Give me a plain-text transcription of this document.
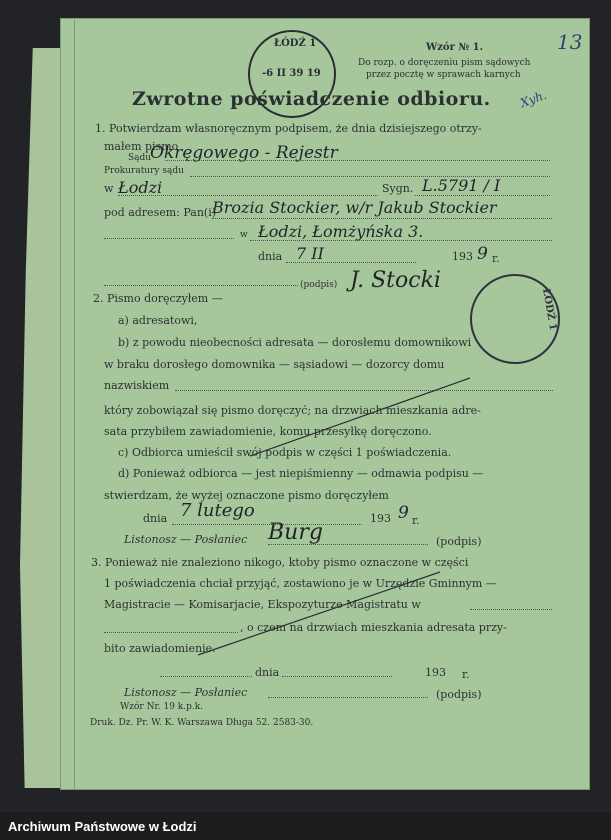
Wzór № 1.	13
Do rozp. o doręczeniu pism sądowych
przez pocztę w sprawach karnych
ŁÓDŹ 1
-6 II 39 19
Zwrotne poświadczenie odbioru. Xyh.
1. Potwierdzam własnoręcznym podpisem, że dnia dzisiejszego otrzy-
małem pismo
Sądu
Okręgowego - Rejestr
Prokuratury sądu
w Łodzi	Sygn. L.5791 / I
pod adresem: Pan(i)
Brozia Stockier, w/r Jakub Stockier
w Łodzi, Łomżyńska 3.
dnia 7 II	193 9 r.
(podpis) J. Stocki
ŁÓDŹ 1
2. Pismo doręczyłem —
a) adresatowi,
b) z powodu nieobecności adresata — dorosłemu domownikowi
w braku dorosłego domownika — sąsiadowi — dozorcy domu
nazwiskiem
który zobowiązał się pismo doręczyć; na drzwiach mieszkania adre-
sata przybiłem zawiadomienie, komu przesyłkę doręczono.
c) Odbiorca umieścił swój podpis w części 1 poświadczenia.
d) Ponieważ odbiorca — jest niepiśmienny — odmawia podpisu —
stwierdzam, że wyżej oznaczone pismo doręczyłem
dnia 7 lutego	193 9 r.
Listonosz — Posłaniec Burg	(podpis)
3. Ponieważ nie znaleziono nikogo, ktoby pismo oznaczone w części
1 poświadczenia chciał przyjąć, zostawiono je w Urzędzie Gminnym —
Magistracie — Komisarjacie, Ekspozyturze Magistratu w
, o czem na drzwiach mieszkania adresata przy-
bito zawiadomienie.
dnia	193 r.
Listonosz — Posłaniec	(podpis)
Wzór Nr. 19 k.p.k.
Druk. Dz. Pr. W. K. Warszawa Długa 52. 2583-30.
Archiwum Państwowe w Łodzi
